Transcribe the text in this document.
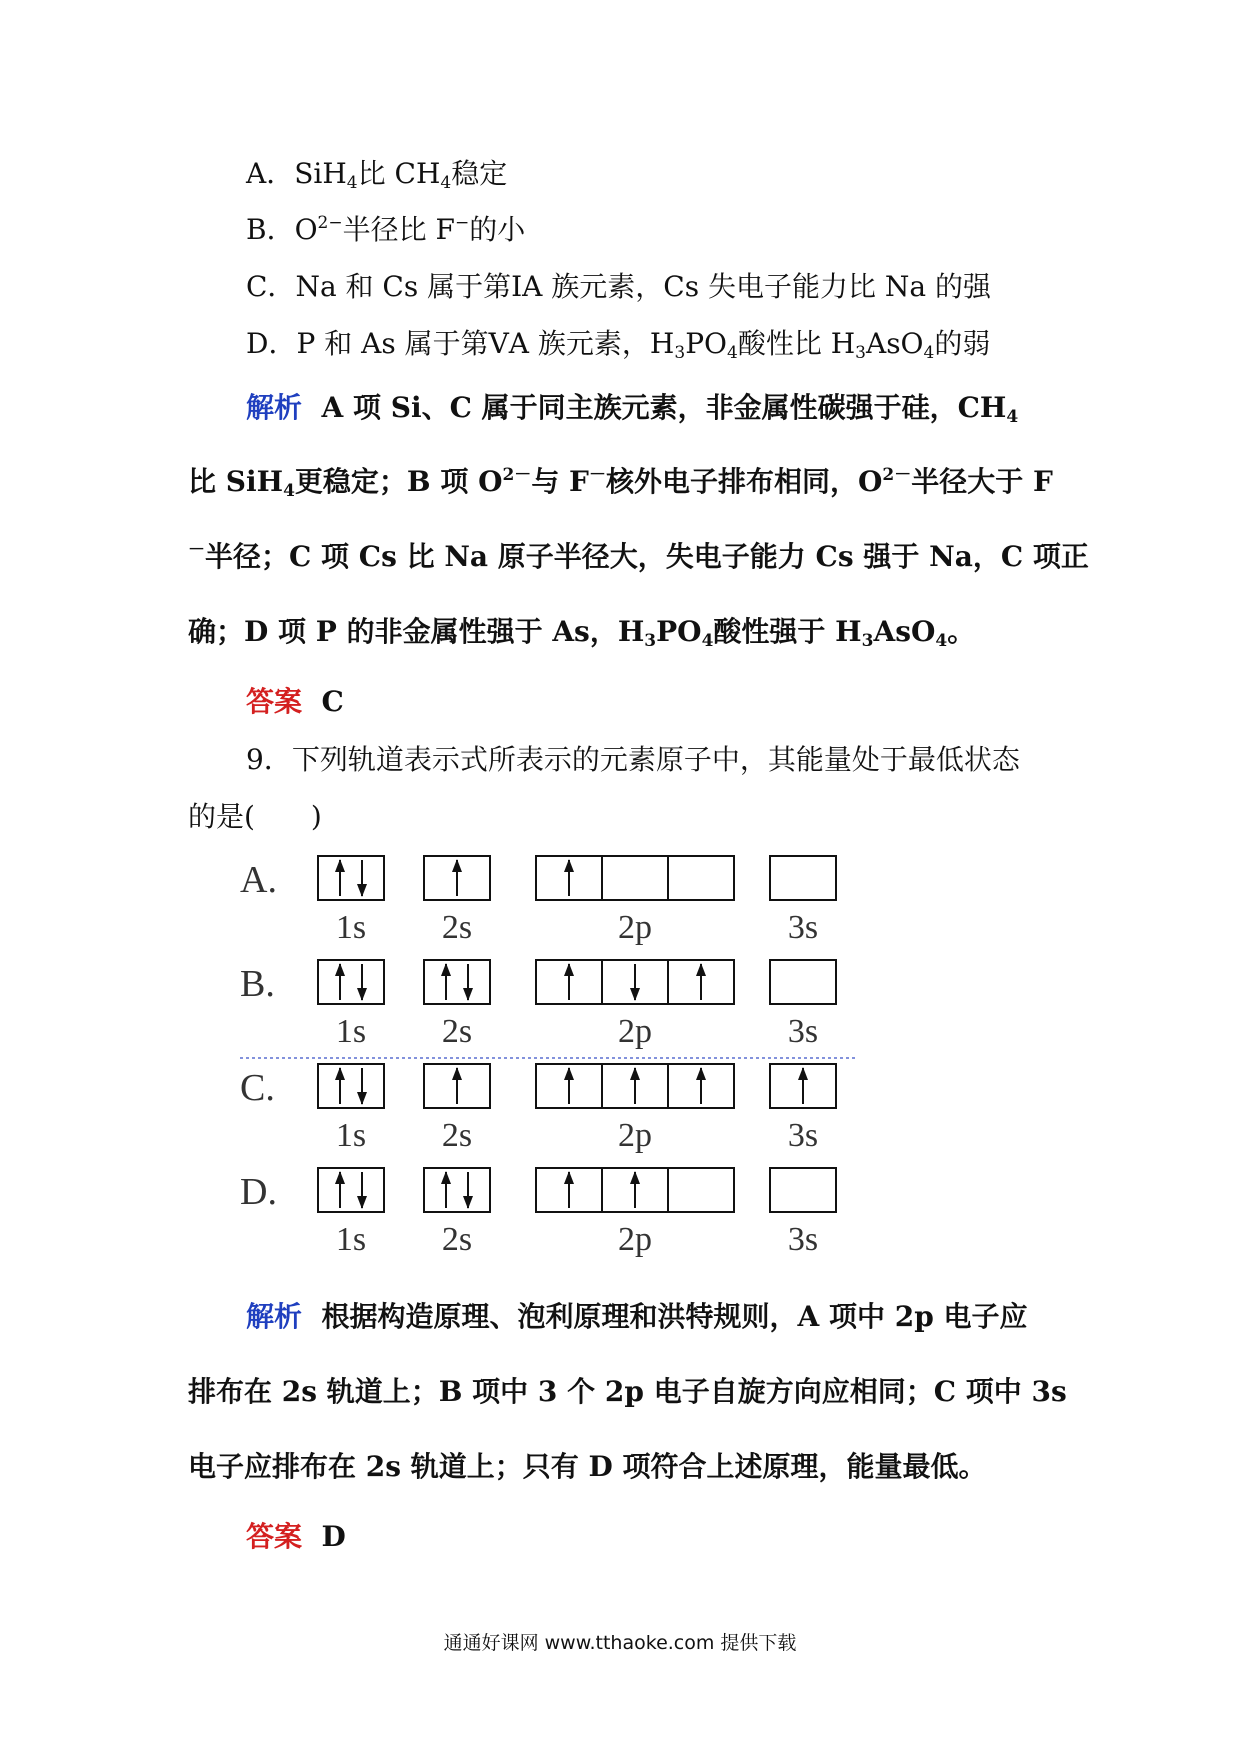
A．SiH$_4$比 $CH_4$稳定
B．$O^{2-}$半径比 F−的小
C．Na 和 Cs 属于第ⅠA 族元素，Cs 失电子能力比 Na 的强
D．P 和 As 属于第ⅤA 族元素，$H_3PO_4$酸性比 $H_3AsO_4$的弱
解析 A 项 Si、C 属于同主族元素，非金属性碳强于硅，$CH_4$
比 SiH$_4$更稳定；B 项 $O^{2-}$与 F－核外电子排布相同，$O^{2-}$半径大于 F
－半径；C 项 Cs 比 Na 原子半径大，失电子能力 Cs 强于 Na，C 项正
确；D 项 P 的非金属性强于 As，$H_3PO_4$酸性强于 $H_3AsO_4$。
答案 C
9．下列轨道表示式所表示的元素原子中，其能量处于最低状态
的是(　　)
A.
1s 2s	2p	3s
B.
1s 2s	2p	3s
C.
1s 2s	2p	3s
D.
1s 2s	2p	3s
解析 根据构造原理、泡利原理和洪特规则，A 项中 2p 电子应
排布在 2s 轨道上；B 项中 3 个 2p 电子自旋方向应相同；C 项中 3s
电子应排布在 2s 轨道上；只有 D 项符合上述原理，能量最低。
答案 D
通通好课网 www.tthaoke.com 提供下载
